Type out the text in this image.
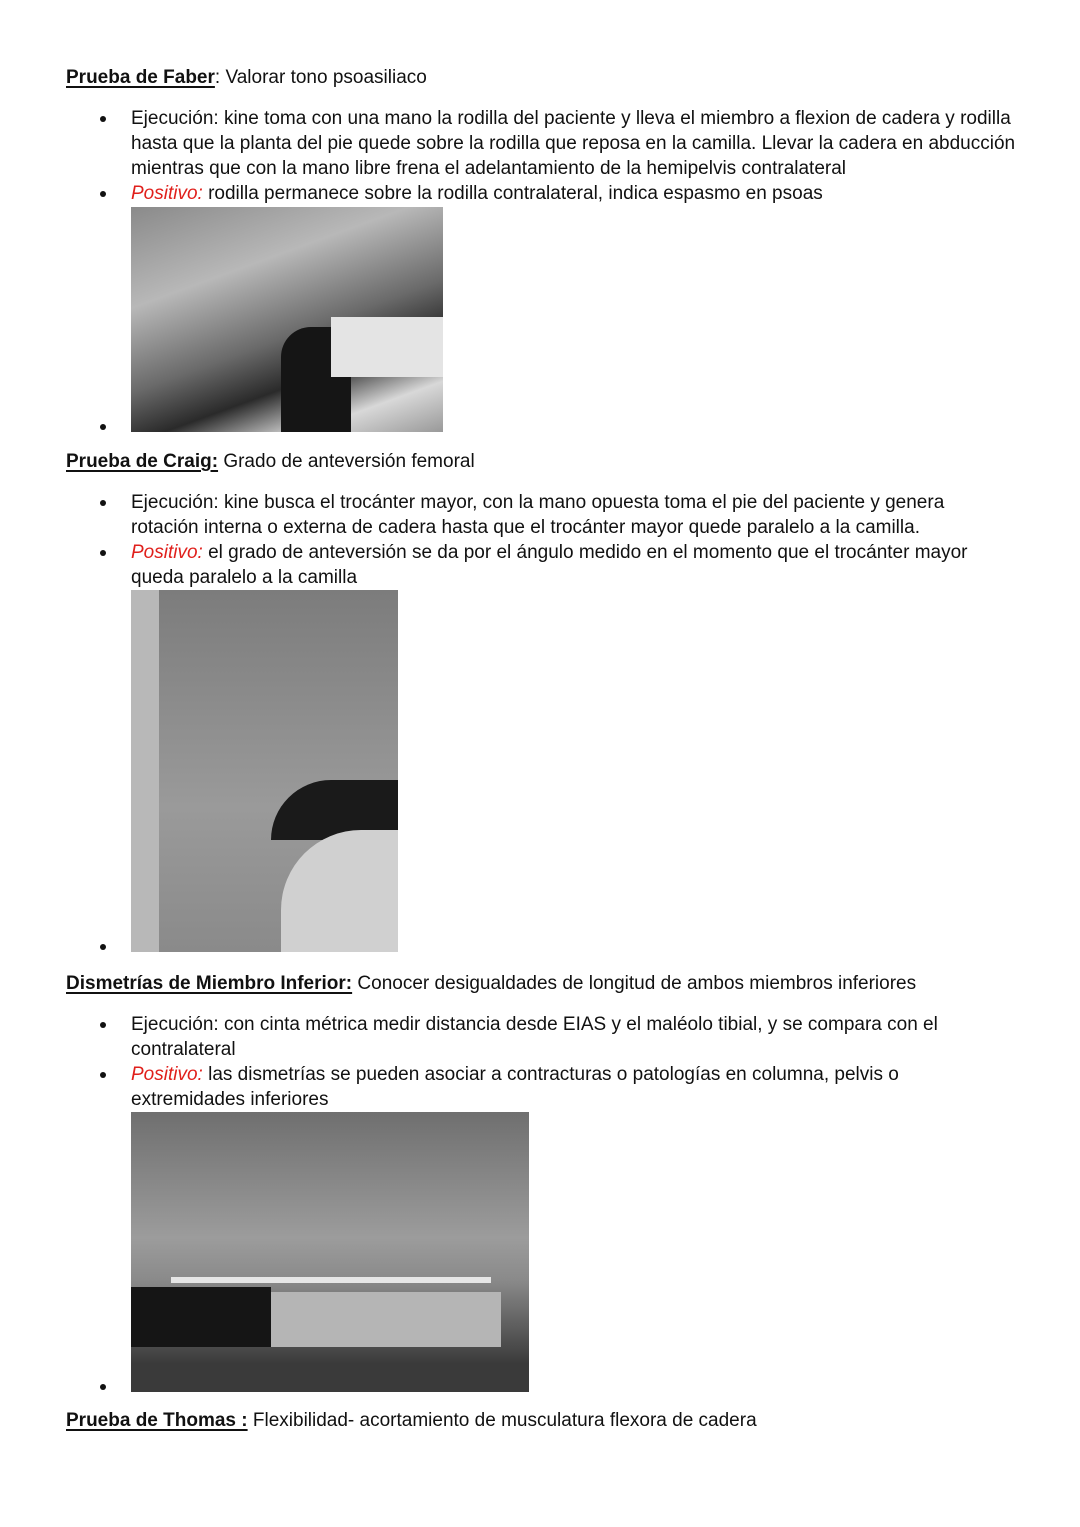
Prueba de Faber: Valorar tono psoasiliaco
Ejecución: kine toma con una mano la rodilla del paciente y lleva el miembro a flexion de cadera y rodilla hasta que la planta del pie quede sobre la rodilla que reposa en la camilla. Llevar la cadera en abducción mientras que con la mano libre frena el adelantamiento de la hemipelvis contralateral
Positivo: rodilla permanece sobre la rodilla contralateral, indica espasmo en psoas
Prueba de Craig: Grado de anteversión femoral
Ejecución: kine busca el trocánter mayor, con la mano opuesta toma el pie del paciente y genera rotación interna o externa de cadera hasta que el trocánter mayor quede paralelo a la camilla.
Positivo: el grado de anteversión se da por el ángulo medido en el momento que el trocánter mayor queda paralelo a la camilla
Dismetrías de Miembro Inferior: Conocer desigualdades de longitud de ambos miembros inferiores
Ejecución: con cinta métrica medir distancia desde EIAS y el maléolo tibial, y se compara con el contralateral
Positivo: las dismetrías se pueden asociar a contracturas o patologías en columna, pelvis o extremidades inferiores
Prueba de Thomas : Flexibilidad- acortamiento de musculatura flexora de cadera
